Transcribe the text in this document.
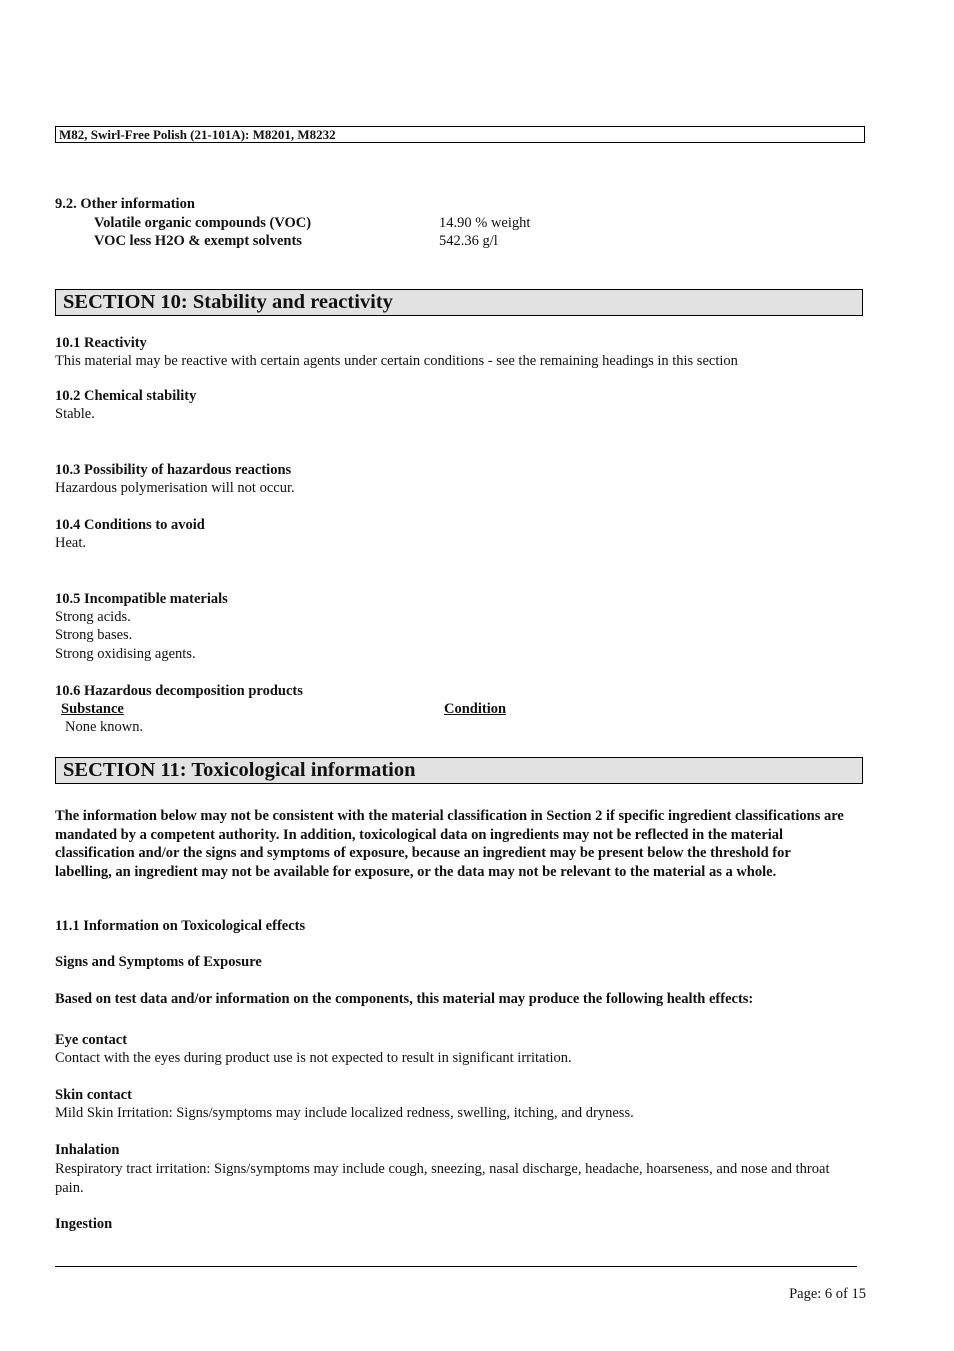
M82, Swirl-Free Polish (21-101A): M8201, M8232
9.2. Other information
Volatile organic compounds (VOC)	14.90 % weight
VOC less H2O & exempt solvents	542.36 g/l
SECTION 10: Stability and reactivity
10.1 Reactivity
This material may be reactive with certain agents under certain conditions - see the remaining headings in this section
10.2 Chemical stability
Stable.
10.3 Possibility of hazardous reactions
Hazardous polymerisation will not occur.
10.4 Conditions to avoid
Heat.
10.5 Incompatible materials
Strong acids.
Strong bases.
Strong oxidising agents.
10.6 Hazardous decomposition products
Substance	Condition
None known.
SECTION 11: Toxicological information
The information below may not be consistent with the material classification in Section 2 if specific ingredient classifications are mandated by a competent authority. In addition, toxicological data on ingredients may not be reflected in the material classification and/or the signs and symptoms of exposure, because an ingredient may be present below the threshold for labelling, an ingredient may not be available for exposure, or the data may not be relevant to the material as a whole.
11.1 Information on Toxicological effects
Signs and Symptoms of Exposure
Based on test data and/or information on the components, this material may produce the following health effects:
Eye contact
Contact with the eyes during product use is not expected to result in significant irritation.
Skin contact
Mild Skin Irritation: Signs/symptoms may include localized redness, swelling, itching, and dryness.
Inhalation
Respiratory tract irritation: Signs/symptoms may include cough, sneezing, nasal discharge, headache, hoarseness, and nose and throat pain.
Ingestion
Page: 6 of 15
